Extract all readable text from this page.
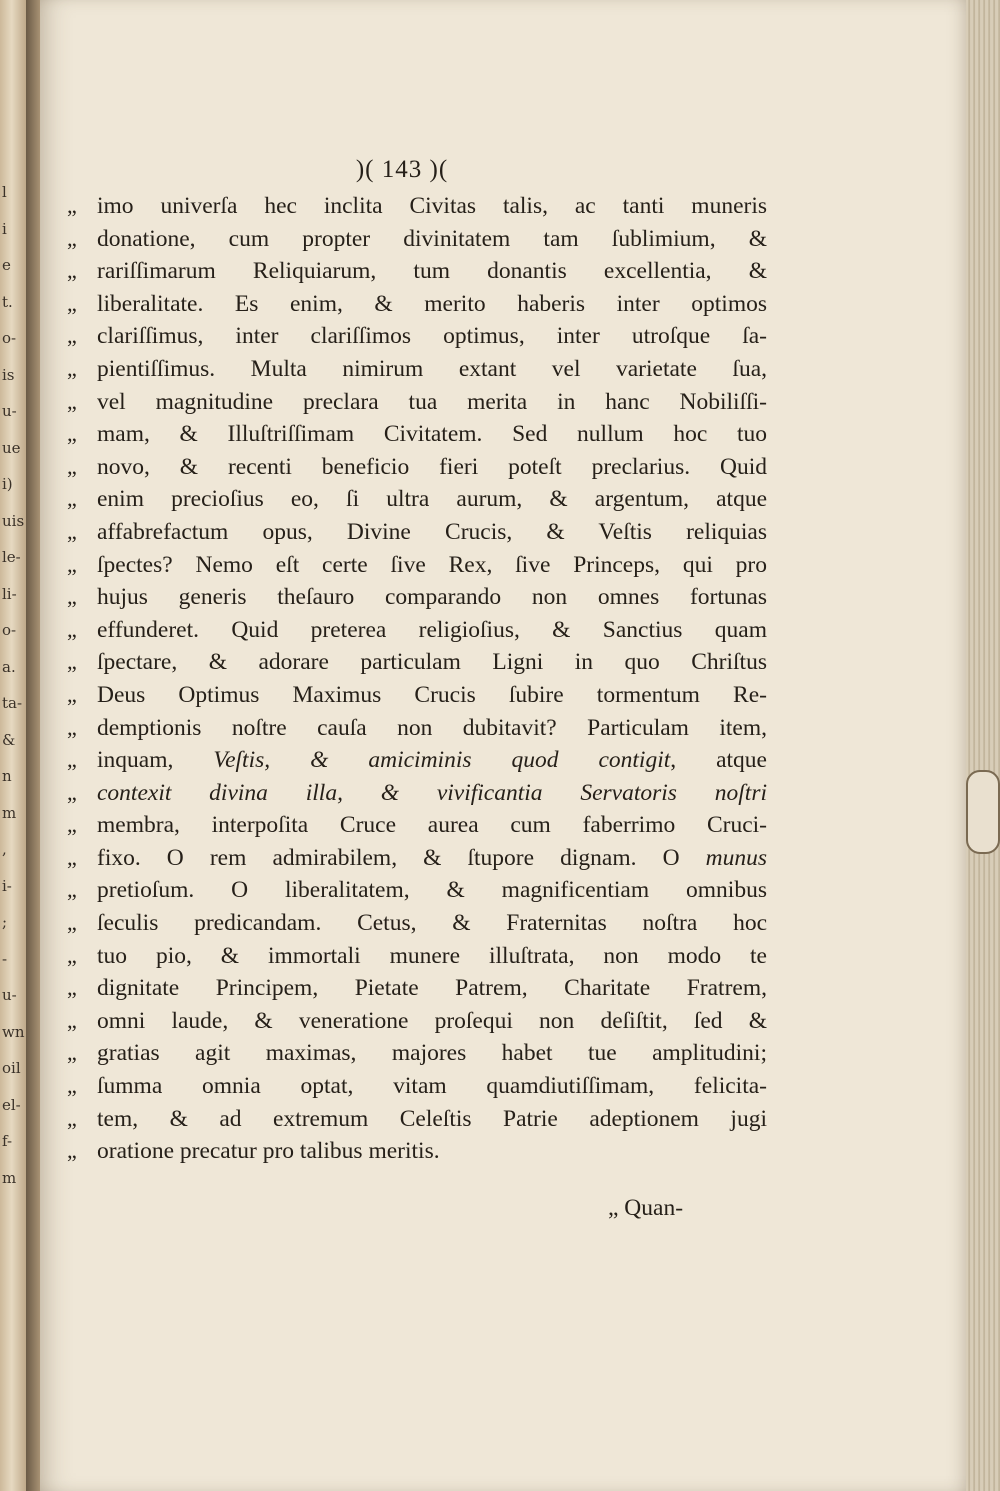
l
i
e
t.
o-
is
u-
ue
i)
uis
le-
li-
o-
a.
ta-
&
n
m
,
i-
;
-
u-
wn
oil
el-
f-
m
)( 143 )(
„ imo univerſa hec inclita Civitas talis, ac tanti muneris
„ donatione, cum propter divinitatem tam ſublimium, &
„ rariſſimarum Reliquiarum, tum donantis excellentia, &
„ liberalitate. Es enim, & merito haberis inter optimos
„ clariſſimus, inter clariſſimos optimus, inter utroſque ſa-
„ pientiſſimus. Multa nimirum extant vel varietate ſua,
„ vel magnitudine preclara tua merita in hanc Nobiliſſi-
„ mam, & Illuſtriſſimam Civitatem. Sed nullum hoc tuo
„ novo, & recenti beneficio fieri poteſt preclarius. Quid
„ enim precioſius eo, ſi ultra aurum, & argentum, atque
„ affabrefactum opus, Divine Crucis, & Veſtis reliquias
„ ſpectes? Nemo eſt certe ſive Rex, ſive Princeps, qui pro
„ hujus generis theſauro comparando non omnes fortunas
„ effunderet. Quid preterea religioſius, & Sanctius quam
„ ſpectare, & adorare particulam Ligni in quo Chriſtus
„ Deus Optimus Maximus Crucis ſubire tormentum Re-
„ demptionis noſtre cauſa non dubitavit? Particulam item,
„ inquam, Veſtis, & amiciminis quod contigit, atque
„ contexit divina illa, & vivificantia Servatoris noſtri
„ membra, interpoſita Cruce aurea cum faberrimo Cruci-
„ fixo. O rem admirabilem, & ſtupore dignam. O munus
„ pretioſum. O liberalitatem, & magnificentiam omnibus
„ ſeculis predicandam. Cetus, & Fraternitas noſtra hoc
„ tuo pio, & immortali munere illuſtrata, non modo te
„ dignitate Principem, Pietate Patrem, Charitate Fratrem,
„ omni laude, & veneratione proſequi non deſiſtit, ſed &
„ gratias agit maximas, majores habet tue amplitudini;
„ ſumma omnia optat, vitam quamdiutiſſimam, felicita-
„ tem, & ad extremum Celeſtis Patrie adeptionem jugi
„ oratione precatur pro talibus meritis.
„ Quan-
